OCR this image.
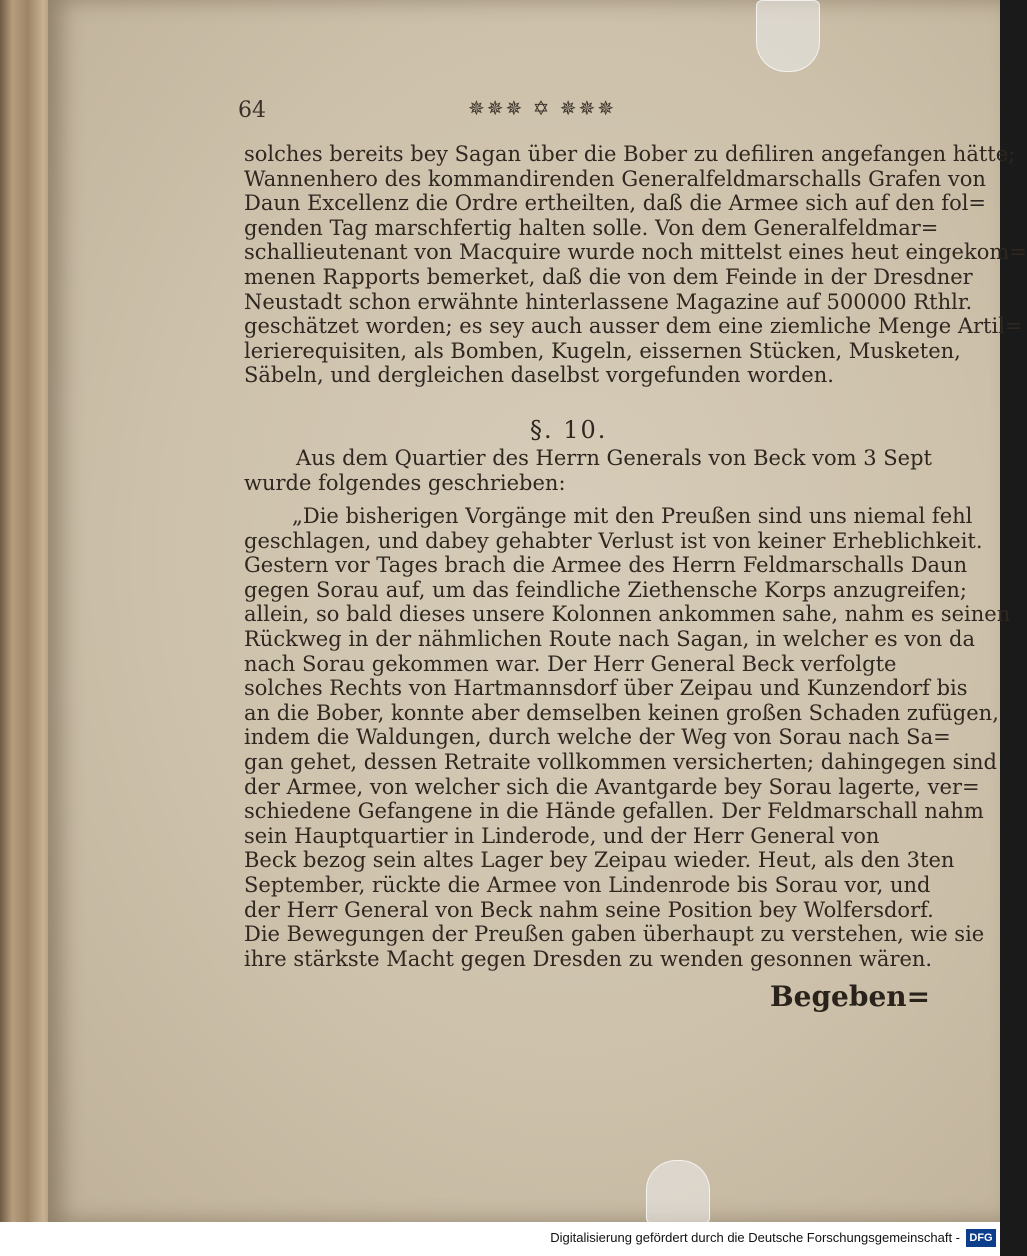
64	✵✵✵ ✡ ✵✵✵
solches bereits bey Sagan über die Bober zu defiliren angefangen hätte;
Wannenhero des kommandirenden Generalfeldmarschalls Grafen von
Daun Excellenz die Ordre ertheilten, daß die Armee sich auf den fol=
genden Tag marschfertig halten solle. Von dem Generalfeldmar=
schallieutenant von Macquire wurde noch mittelst eines heut eingekom=
menen Rapports bemerket, daß die von dem Feinde in der Dresdner
Neustadt schon erwähnte hinterlassene Magazine auf 500000 Rthlr.
geschätzet worden; es sey auch ausser dem eine ziemliche Menge Artil=
lerierequisiten, als Bomben, Kugeln, eissernen Stücken, Musketen,
Säbeln, und dergleichen daselbst vorgefunden worden.
§. 10.
Aus dem Quartier des Herrn Generals von Beck vom 3 Sept
wurde folgendes geschrieben:
„Die bisherigen Vorgänge mit den Preußen sind uns niemal fehl
geschlagen, und dabey gehabter Verlust ist von keiner Erheblichkeit.
Gestern vor Tages brach die Armee des Herrn Feldmarschalls Daun
gegen Sorau auf, um das feindliche Ziethensche Korps anzugreifen;
allein, so bald dieses unsere Kolonnen ankommen sahe, nahm es seinen
Rückweg in der nähmlichen Route nach Sagan, in welcher es von da
nach Sorau gekommen war. Der Herr General Beck verfolgte
solches Rechts von Hartmannsdorf über Zeipau und Kunzendorf bis
an die Bober, konnte aber demselben keinen großen Schaden zufügen,
indem die Waldungen, durch welche der Weg von Sorau nach Sa=
gan gehet, dessen Retraite vollkommen versicherten; dahingegen sind
der Armee, von welcher sich die Avantgarde bey Sorau lagerte, ver=
schiedene Gefangene in die Hände gefallen. Der Feldmarschall nahm
sein Hauptquartier in Linderode, und der Herr General von
Beck bezog sein altes Lager bey Zeipau wieder. Heut, als den 3ten
September, rückte die Armee von Lindenrode bis Sorau vor, und
der Herr General von Beck nahm seine Position bey Wolfersdorf.
Die Bewegungen der Preußen gaben überhaupt zu verstehen, wie sie
ihre stärkste Macht gegen Dresden zu wenden gesonnen wären.
Begeben=
Digitalisierung gefördert durch die Deutsche Forschungsgemeinschaft - DFG
